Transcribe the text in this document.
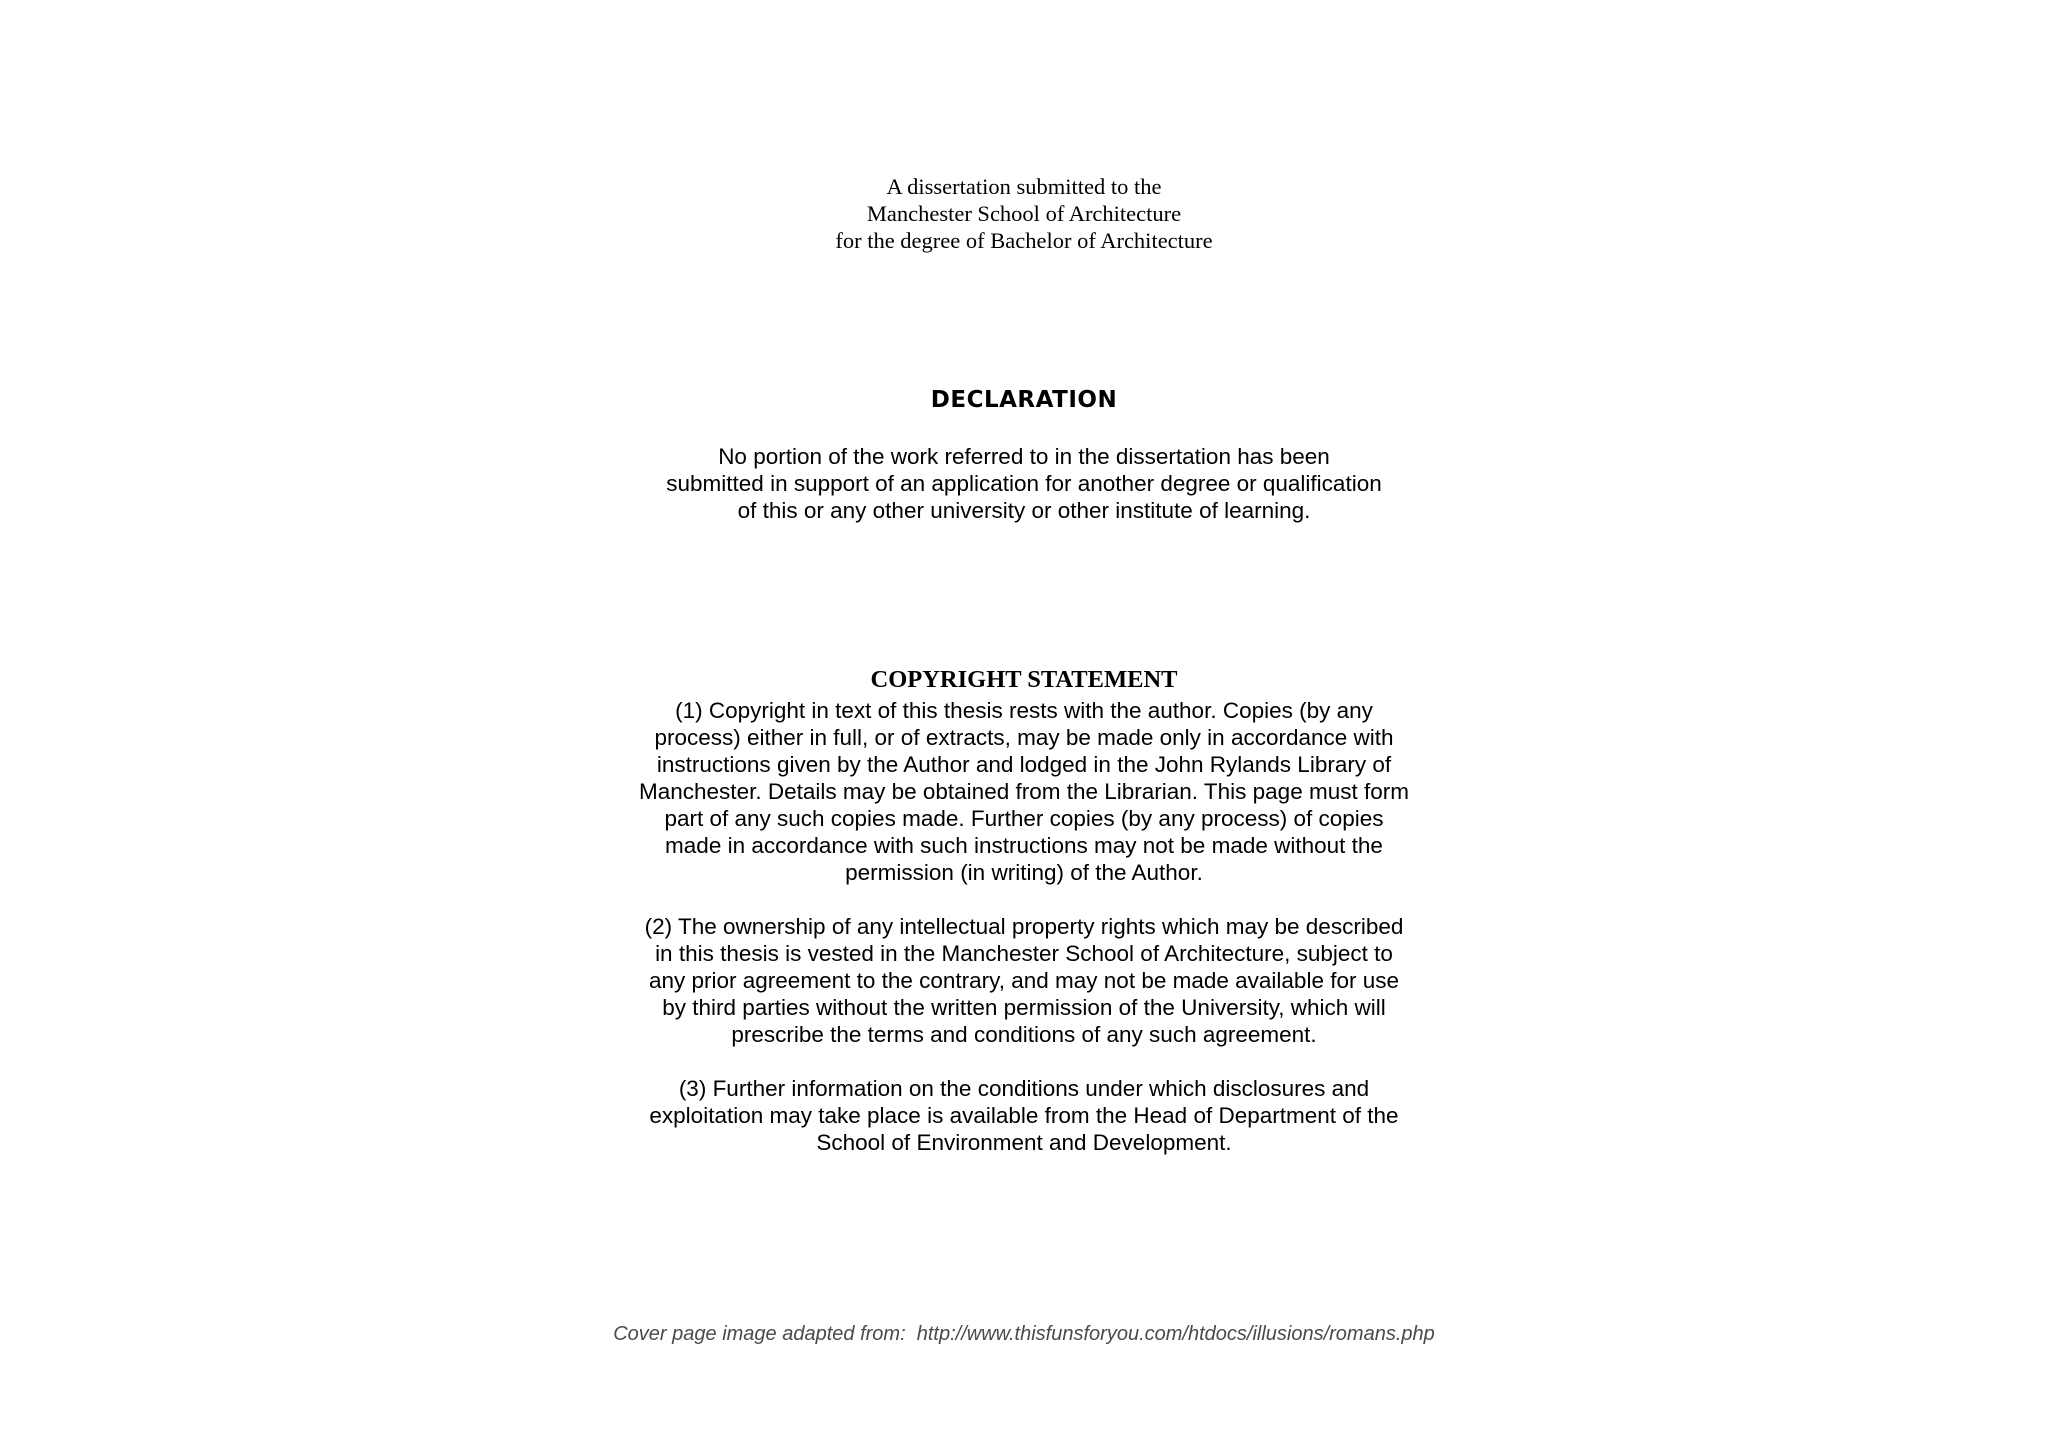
A dissertation submitted to the
Manchester School of Architecture
for the degree of Bachelor of Architecture
DECLARATION
No portion of the work referred to in the dissertation has been
submitted in support of an application for another degree or qualification
of this or any other university or other institute of learning.
COPYRIGHT STATEMENT
(1) Copyright in text of this thesis rests with the author. Copies (by any
process) either in full, or of extracts, may be made only in accordance with
instructions given by the Author and lodged in the John Rylands Library of
Manchester. Details may be obtained from the Librarian. This page must form
part of any such copies made. Further copies (by any process) of copies
made in accordance with such instructions may not be made without the
permission (in writing) of the Author.
(2) The ownership of any intellectual property rights which may be described
in this thesis is vested in the Manchester School of Architecture, subject to
any prior agreement to the contrary, and may not be made available for use
by third parties without the written permission of the University, which will
prescribe the terms and conditions of any such agreement.
(3) Further information on the conditions under which disclosures and
exploitation may take place is available from the Head of Department of the
School of Environment and Development.
Cover page image adapted from:  http://www.thisfunsforyou.com/htdocs/illusions/romans.php
